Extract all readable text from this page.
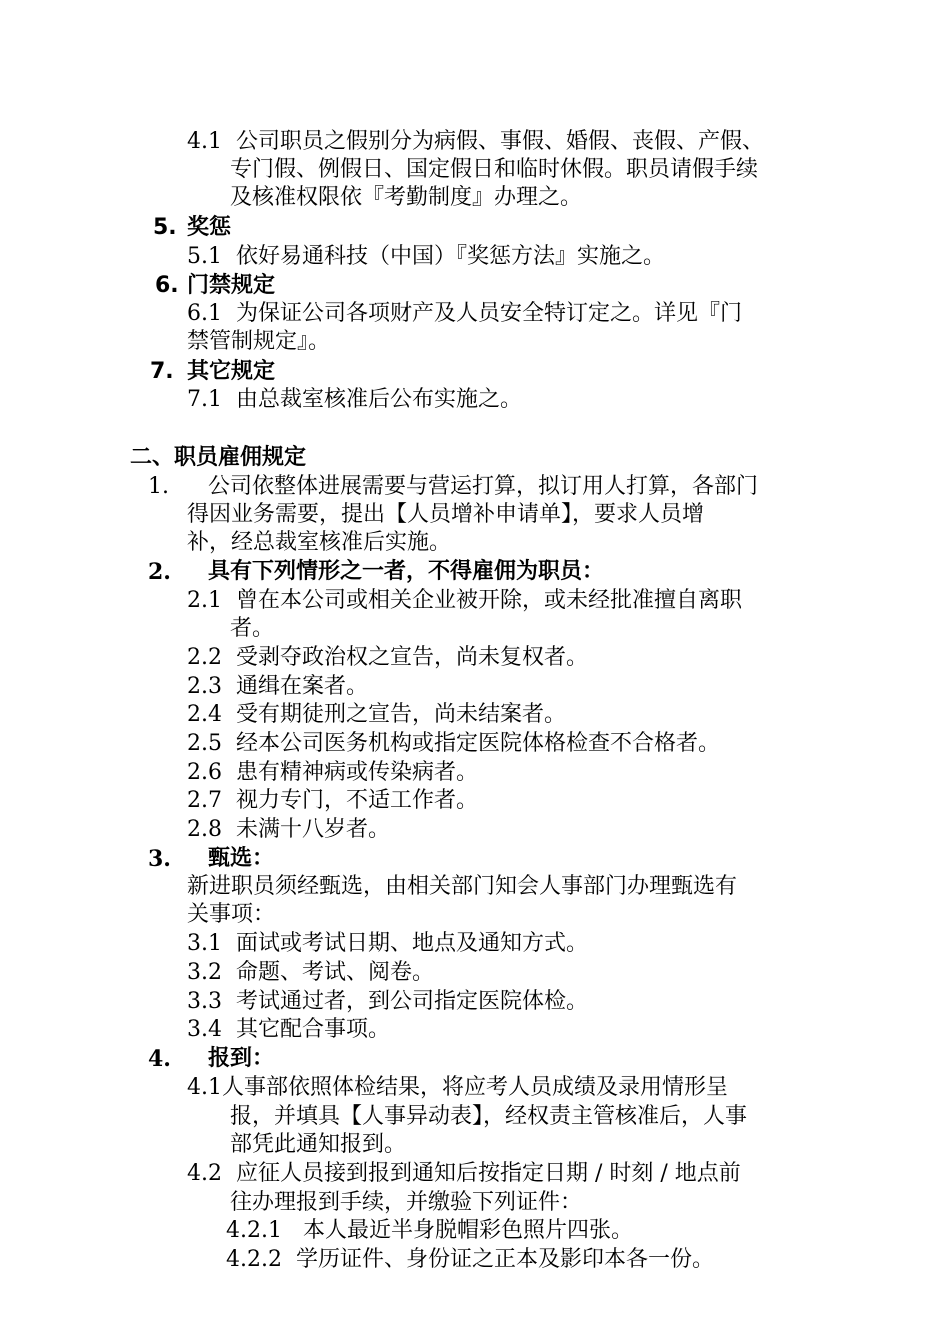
4.1  公司职员之假别分为病假、事假、婚假、丧假、产假、
专门假、例假日、国定假日和临时休假。职员请假手续
及核准权限依『考勤制度』办理之。
5. 奖惩
5.1  依好易通科技（中国）『奖惩方法』实施之。
6. 门禁规定
6.1  为保证公司各项财产及人员安全特订定之。详见『门
禁管制规定』。
7. 其它规定
7.1  由总裁室核准后公布实施之。
二、职员雇佣规定
1. 公司依整体进展需要与营运打算，拟订用人打算，各部门
得因业务需要，提出【人员增补申请单】，要求人员增
补，经总裁室核准后实施。
2. 具有下列情形之一者，不得雇佣为职员：
2.1  曾在本公司或相关企业被开除，或未经批准擅自离职
者。
2.2  受剥夺政治权之宣告，尚未复权者。
2.3  通缉在案者。
2.4  受有期徒刑之宣告，尚未结案者。
2.5  经本公司医务机构或指定医院体格检查不合格者。
2.6  患有精神病或传染病者。
2.7  视力专门，不适工作者。
2.8  未满十八岁者。
3. 甄选：
新进职员须经甄选，由相关部门知会人事部门办理甄选有
关事项：
3.1  面试或考试日期、地点及通知方式。
3.2  命题、考试、阅卷。
3.3  考试通过者，到公司指定医院体检。
3.4  其它配合事项。
4. 报到：
4.1人事部依照体检结果，将应考人员成绩及录用情形呈
报，并填具【人事异动表】，经权责主管核准后，人事
部凭此通知报到。
4.2  应征人员接到报到通知后按指定日期 / 时刻 / 地点前
往办理报到手续，并缴验下列证件：
4.2.1   本人最近半身脱帽彩色照片四张。
4.2.2  学历证件、身份证之正本及影印本各一份。
